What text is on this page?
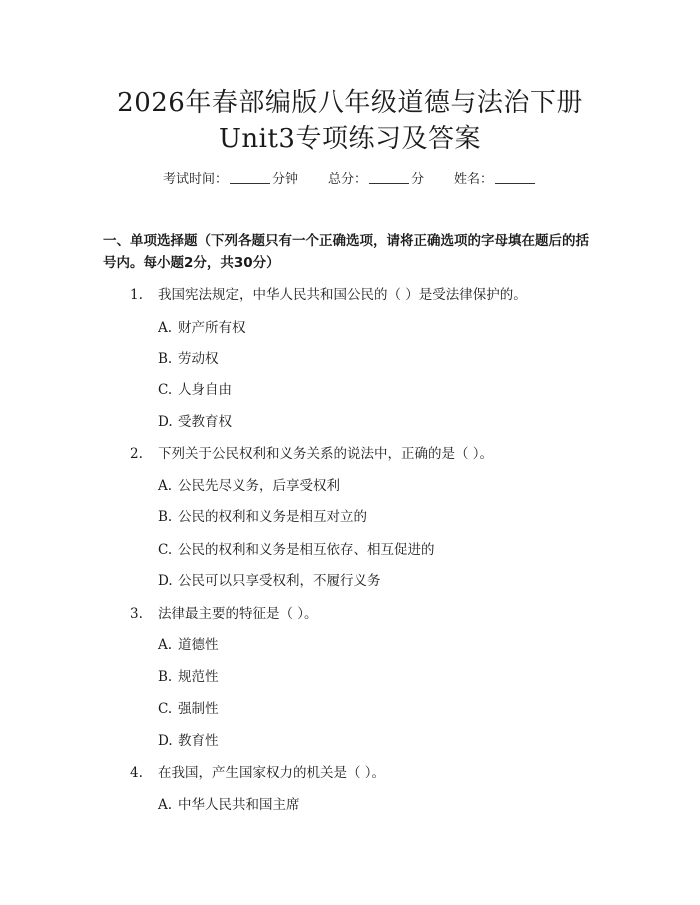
2026年春部编版八年级道德与法治下册
Unit3专项练习及答案
考试时间：	分钟 总分：	分 姓名：
一、单项选择题（下列各题只有一个正确选项，请将正确选项的字母填在题后的括号内。每小题2分，共30分）
1. 我国宪法规定，中华人民共和国公民的（ ）是受法律保护的。
A. 财产所有权
B. 劳动权
C. 人身自由
D. 受教育权
2. 下列关于公民权利和义务关系的说法中，正确的是（ ）。
A. 公民先尽义务，后享受权利
B. 公民的权利和义务是相互对立的
C. 公民的权利和义务是相互依存、相互促进的
D. 公民可以只享受权利，不履行义务
3. 法律最主要的特征是（ ）。
A. 道德性
B. 规范性
C. 强制性
D. 教育性
4. 在我国，产生国家权力的机关是（ ）。
A. 中华人民共和国主席
